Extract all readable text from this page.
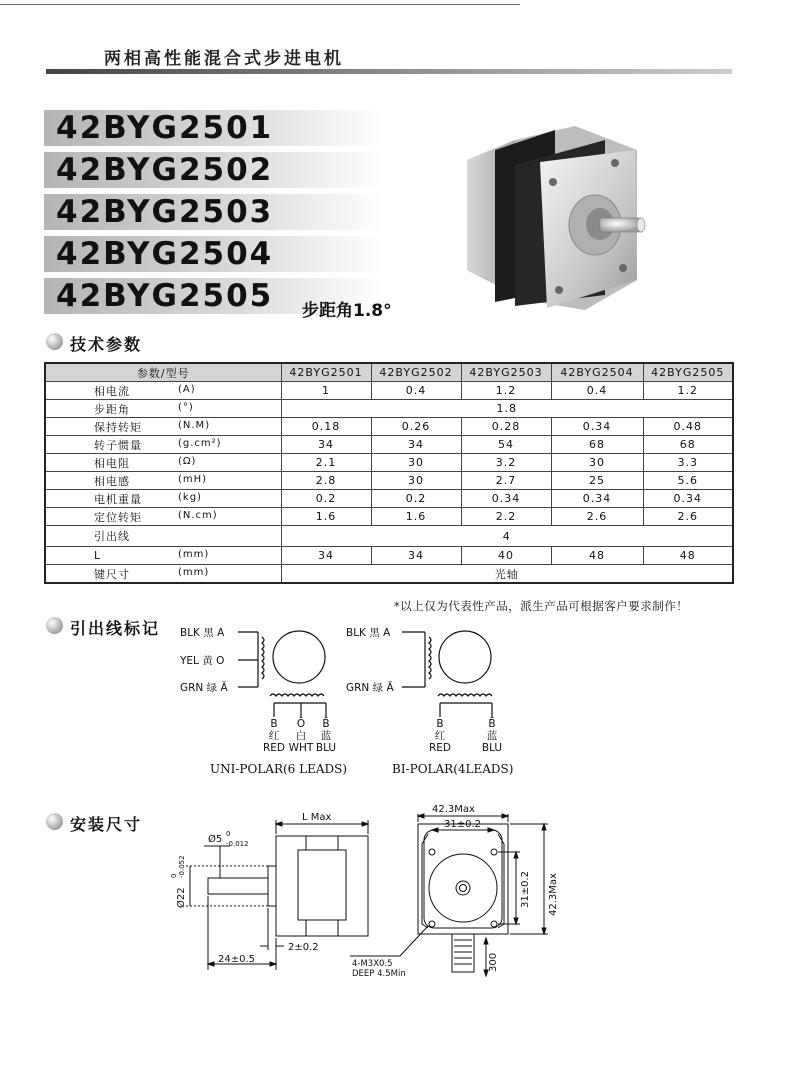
两相高性能混合式步进电机
42BYG2501
42BYG2502
42BYG2503
42BYG2504
42BYG2505 步距角1.8°
技术参数
参数/型号	42BYG2501	42BYG2502	42BYG2503	42BYG2504	42BYG2505
相电流 (A)	1	0.4	1.2	0.4	1.2
步距角 (°)	1.8				
保持转矩 (N.M)	0.18	0.26	0.28	0.34	0.48
转子惯量 (g.cm²)	34	34	54	68	68
相电阻 (Ω)	2.1	30	3.2	30	3.3
相电感 (mH)	2.8	30	2.7	25	5.6
电机重量 (kg)	0.2	0.2	0.34	0.34	0.34
定位转矩 (N.cm)	1.6	1.6	2.2	2.6	2.6
引出线	4				
L (mm)	34	34	40	48	48
键尺寸 (mm)	光轴				
*以上仅为代表性产品，派生产品可根据客户要求制作！
引出线标记 BLK 黑 A
YEL 黄 O
GRN 绿 Ā
B Ō B̄
红 白 蓝
RED WHT BLU
BLK 黑 A
GRN 绿 Ā
B	B̄
红	蓝
RED	BLU
UNI-POLAR(6 LEADS)	BI-POLAR(4LEADS)
安装尺寸	L Max
Ø5 0
-0.012
Ø22
0 -0.052
24±0.5
2±0.2
42.3Max
31±0.2
31±0.2 42.3Max
300
4-M3X0.5
DEEP 4.5Min
